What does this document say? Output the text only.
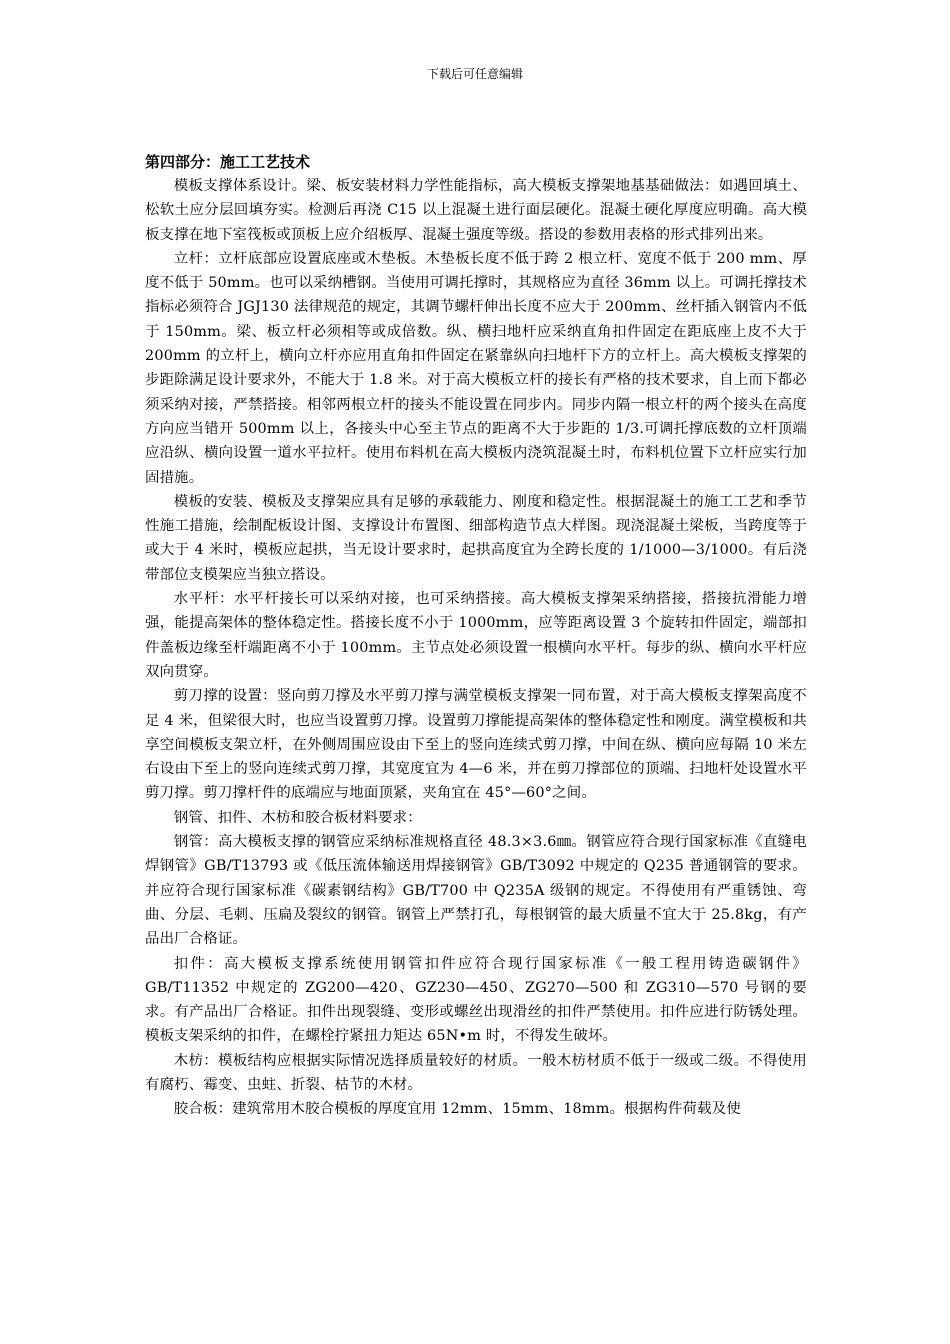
下载后可任意编辑

第四部分：施工工艺技术

模板支撑体系设计。梁、板安装材料力学性能指标，高大模板支撑架地基基础做法：如遇回填土、松软土应分层回填夯实。检测后再浇 C15 以上混凝土进行面层硬化。混凝土硬化厚度应明确。高大模板支撑在地下室筏板或顶板上应介绍板厚、混凝土强度等级。搭设的参数用表格的形式排列出来。

立杆：立杆底部应设置底座或木垫板。木垫板长度不低于跨 2 根立杆、宽度不低于 200 mm、厚度不低于 50mm。也可以采纳槽钢。当使用可调托撑时，其规格应为直径 36mm 以上。可调托撑技术指标必须符合 JGJ130 法律规范的规定，其调节螺杆伸出长度不应大于 200mm、丝杆插入钢管内不低于 150mm。梁、板立杆必须相等或成倍数。纵、横扫地杆应采纳直角扣件固定在距底座上皮不大于 200mm 的立杆上，横向立杆亦应用直角扣件固定在紧靠纵向扫地杆下方的立杆上。高大模板支撑架的步距除满足设计要求外，不能大于 1.8 米。对于高大模板立杆的接长有严格的技术要求，自上而下都必须采纳对接，严禁搭接。相邻两根立杆的接头不能设置在同步内。同步内隔一根立杆的两个接头在高度方向应当错开 500mm 以上，各接头中心至主节点的距离不大于步距的 1/3.可调托撑底数的立杆顶端应沿纵、横向设置一道水平拉杆。使用布料机在高大模板内浇筑混凝土时，布料机位置下立杆应实行加固措施。

模板的安装、模板及支撑架应具有足够的承载能力、刚度和稳定性。根据混凝土的施工工艺和季节性施工措施，绘制配板设计图、支撑设计布置图、细部构造节点大样图。现浇混凝土梁板，当跨度等于或大于 4 米时，模板应起拱，当无设计要求时，起拱高度宜为全跨长度的 1/1000—3/1000。有后浇带部位支模架应当独立搭设。

水平杆：水平杆接长可以采纳对接，也可采纳搭接。高大模板支撑架采纳搭接，搭接抗滑能力增强，能提高架体的整体稳定性。搭接长度不小于 1000mm，应等距离设置 3 个旋转扣件固定，端部扣件盖板边缘至杆端距离不小于 100mm。主节点处必须设置一根横向水平杆。每步的纵、横向水平杆应双向贯穿。

剪刀撑的设置：竖向剪刀撑及水平剪刀撑与满堂模板支撑架一同布置，对于高大模板支撑架高度不足 4 米，但梁很大时，也应当设置剪刀撑。设置剪刀撑能提高架体的整体稳定性和刚度。满堂模板和共享空间模板支架立杆，在外侧周围应设由下至上的竖向连续式剪刀撑，中间在纵、横向应每隔 10 米左右设由下至上的竖向连续式剪刀撑，其宽度宜为 4—6 米，并在剪刀撑部位的顶端、扫地杆处设置水平剪刀撑。剪刀撑杆件的底端应与地面顶紧，夹角宜在 45°—60°之间。

钢管、扣件、木枋和胶合板材料要求：

钢管：高大模板支撑的钢管应采纳标准规格直径 48.3×3.6㎜。钢管应符合现行国家标准《直缝电焊钢管》GB/T13793 或《低压流体输送用焊接钢管》GB/T3092 中规定的 Q235 普通钢管的要求。并应符合现行国家标准《碳素钢结构》GB/T700 中 Q235A 级钢的规定。不得使用有严重锈蚀、弯曲、分层、毛刺、压扁及裂纹的钢管。钢管上严禁打孔，每根钢管的最大质量不宜大于 25.8kg，有产品出厂合格证。

扣件：高大模板支撑系统使用钢管扣件应符合现行国家标准《一般工程用铸造碳钢件》GB/T11352 中规定的 ZG200—420、GZ230—450、ZG270—500 和 ZG310—570 号钢的要求。有产品出厂合格证。扣件出现裂缝、变形或螺丝出现滑丝的扣件严禁使用。扣件应进行防锈处理。模板支架采纳的扣件，在螺栓拧紧扭力矩达 65N•m 时，不得发生破坏。

木枋：模板结构应根据实际情况选择质量较好的材质。一般木枋材质不低于一级或二级。不得使用有腐朽、霉变、虫蛀、折裂、枯节的木材。

胶合板：建筑常用木胶合模板的厚度宜用 12mm、15mm、18mm。根据构件荷载及使
